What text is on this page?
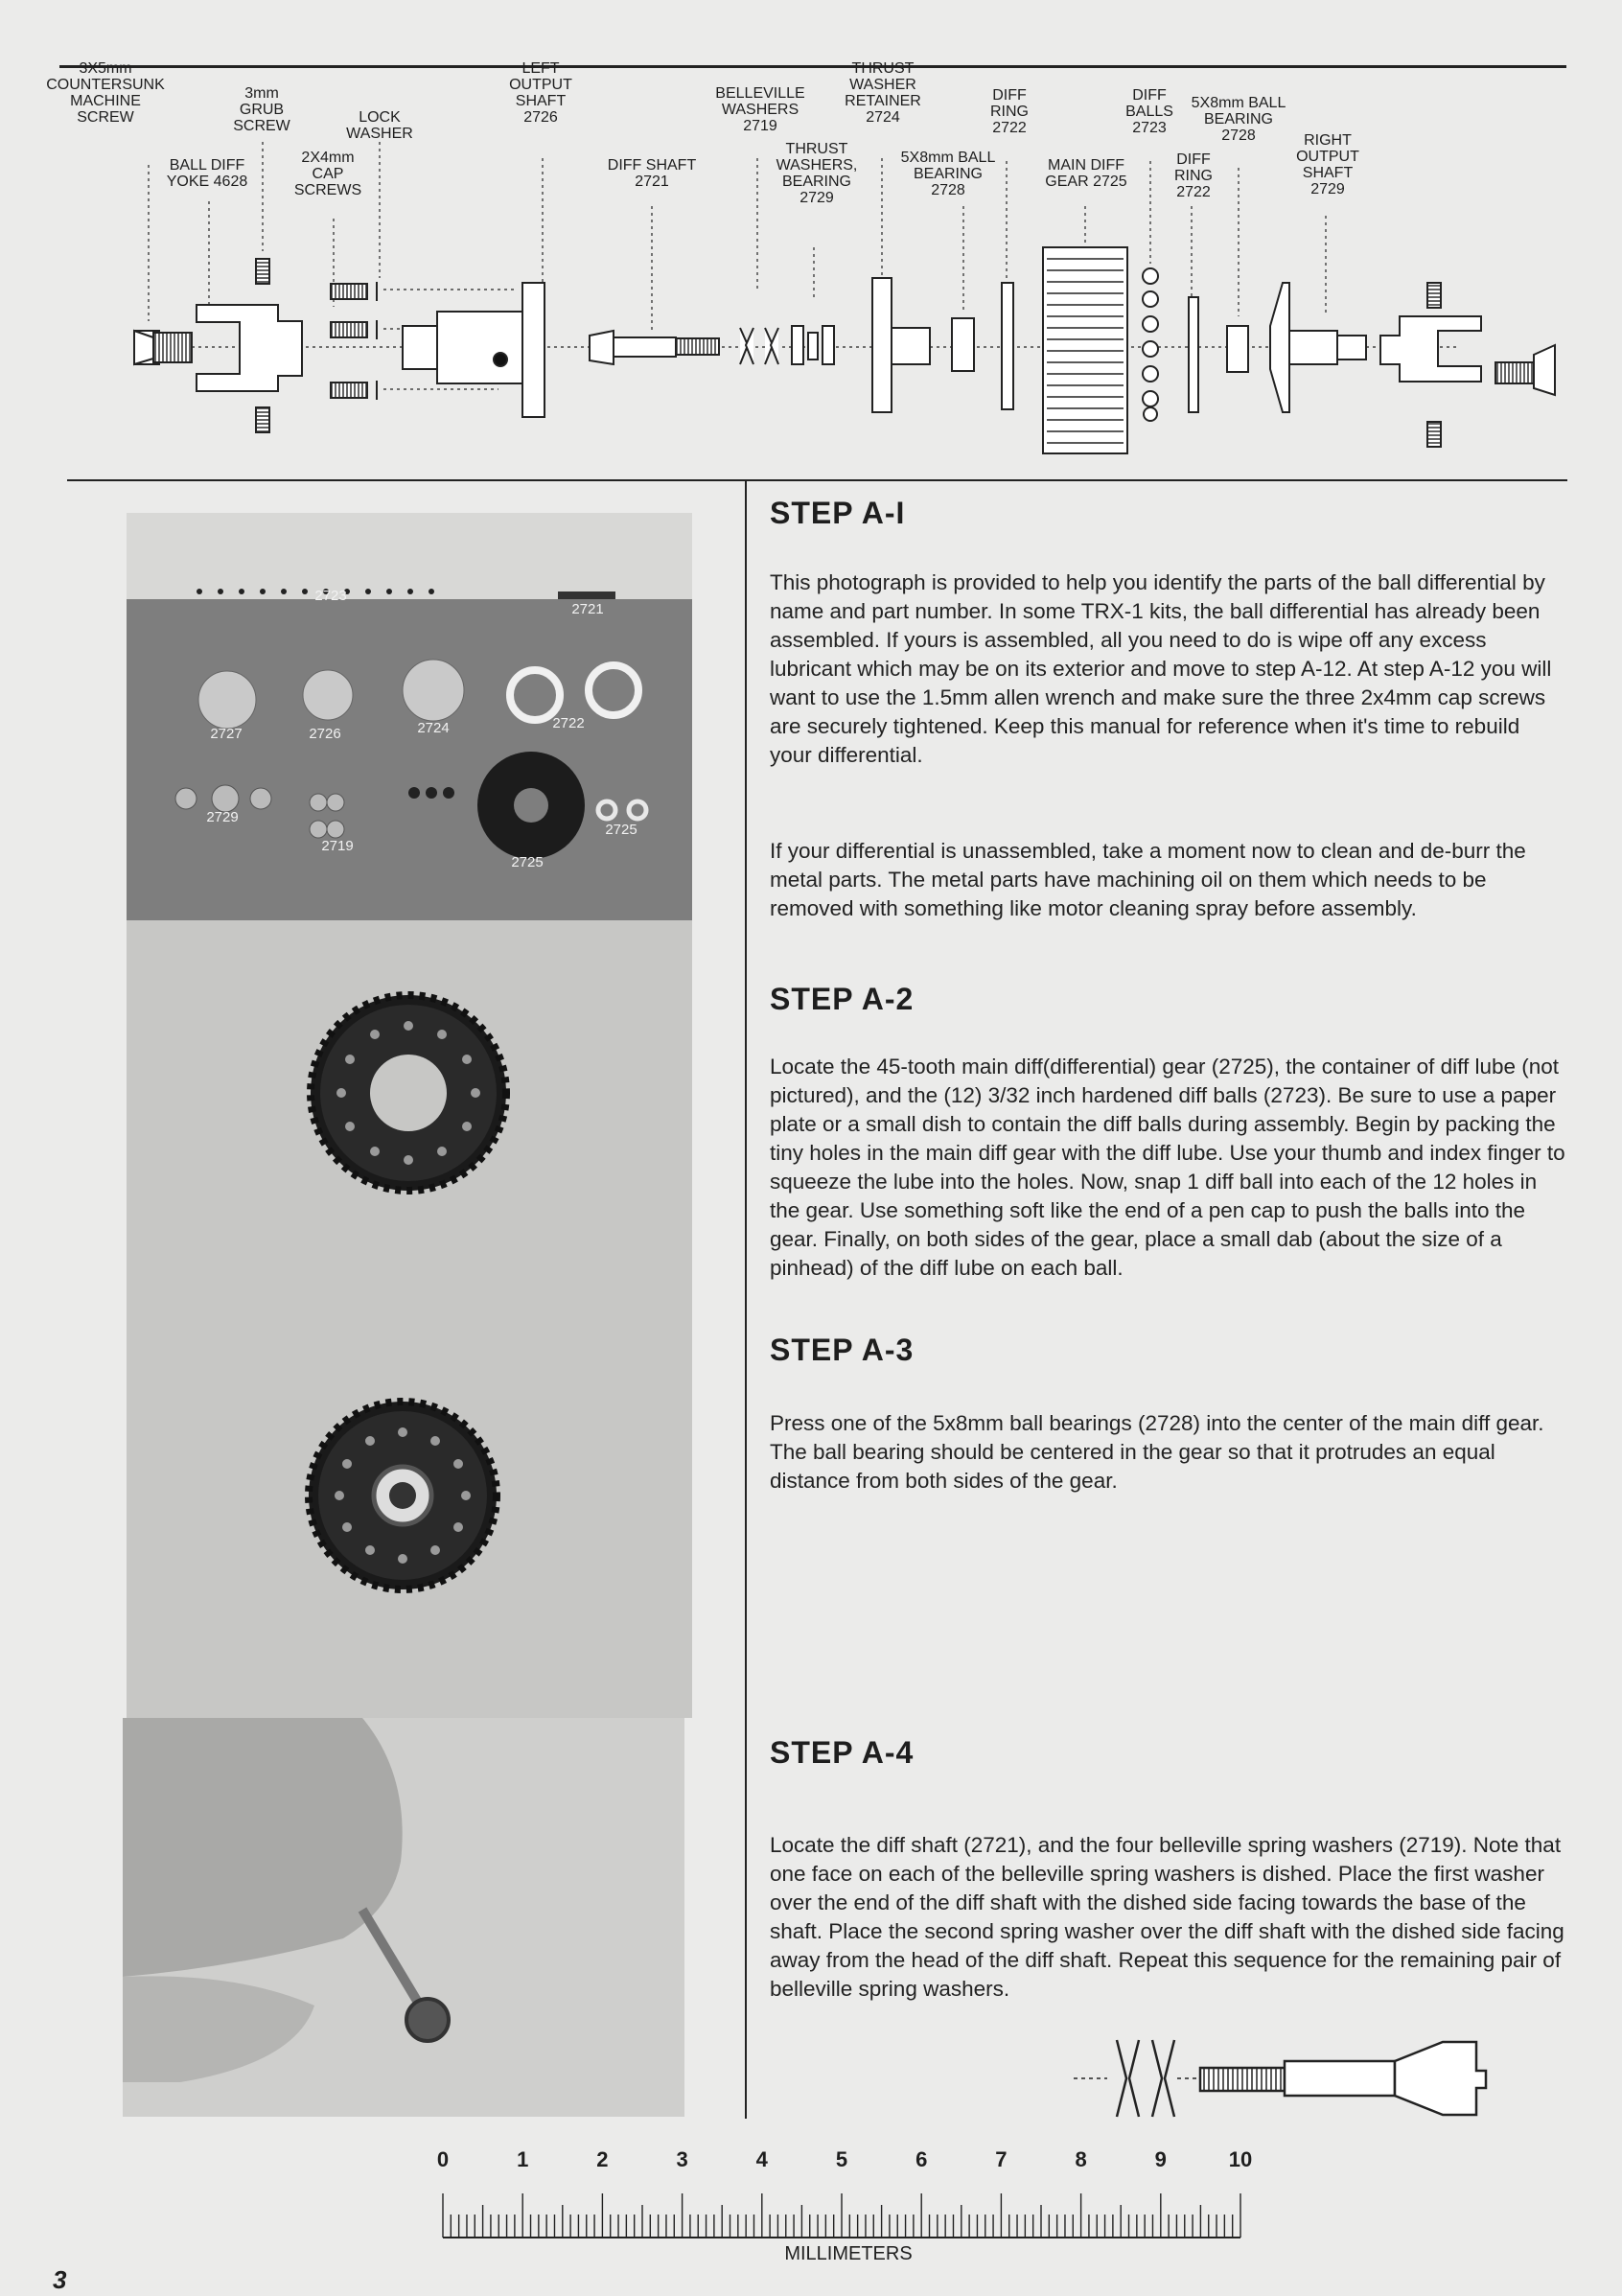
3X5mm
COUNTERSUNK
MACHINE
SCREW
3mm
GRUB
SCREW	LOCK
WASHER
BALL DIFF
YOKE 4628
2X4mm
CAP
SCREWS
LEFT
OUTPUT
SHAFT
2726
DIFF SHAFT
2721
BELLEVILLE
WASHERS
2719
THRUST
WASHER
RETAINER
2724
THRUST
WASHERS,
BEARING
2729
5X8mm BALL
BEARING
2728
DIFF
RING
2722
MAIN DIFF
GEAR 2725
DIFF
BALLS
2723
5X8mm BALL
BEARING
2728
DIFF
RING
2722
RIGHT
OUTPUT
SHAFT
2729
2723
2721
2727	2726	2724	2722
2729
2719
2725
2725
STEP A-I

This photograph is provided to help you identify the parts of the ball differential by name and part number. In some TRX-1 kits, the ball differential has already been assembled. If yours is assembled, all you need to do is wipe off any excess lubricant which may be on its exterior and move to step A-12. At step A-12 you will want to use the 1.5mm allen wrench and make sure the three 2x4mm cap screws are securely tightened. Keep this manual for reference when it's time to rebuild your differential.

If your differential is unassembled, take a moment now to clean and de-burr the metal parts. The metal parts have machining oil on them which needs to be removed with something like motor cleaning spray before assembly.

STEP A-2

Locate the 45-tooth main diff(differential) gear (2725), the container of diff lube (not pictured), and the (12) 3/32 inch hardened diff balls (2723). Be sure to use a paper plate or a small dish to contain the diff balls during assembly. Begin by packing the tiny holes in the main diff gear with the diff lube. Use your thumb and index finger to squeeze the lube into the holes. Now, snap 1 diff ball into each of the 12 holes in the gear. Use something soft like the end of a pen cap to push the balls into the gear. Finally, on both sides of the gear, place a small dab (about the size of a pinhead) of the diff lube on each ball.

STEP A-3

Press one of the 5x8mm ball bearings (2728) into the center of the main diff gear. The ball bearing should be centered in the gear so that it protrudes an equal distance from both sides of the gear.

STEP A-4

Locate the diff shaft (2721), and the four belleville spring washers (2719). Note that one face on each of the belleville spring washers is dished. Place the first washer over the end of the diff shaft with the dished side facing towards the base of the shaft. Place the second spring washer over the diff shaft with the dished side facing away from the head of the diff shaft. Repeat this sequence for the remaining pair of belleville spring washers.

0	1	2	3	4	5	6	7	8	9	10
MILLIMETERS
3
